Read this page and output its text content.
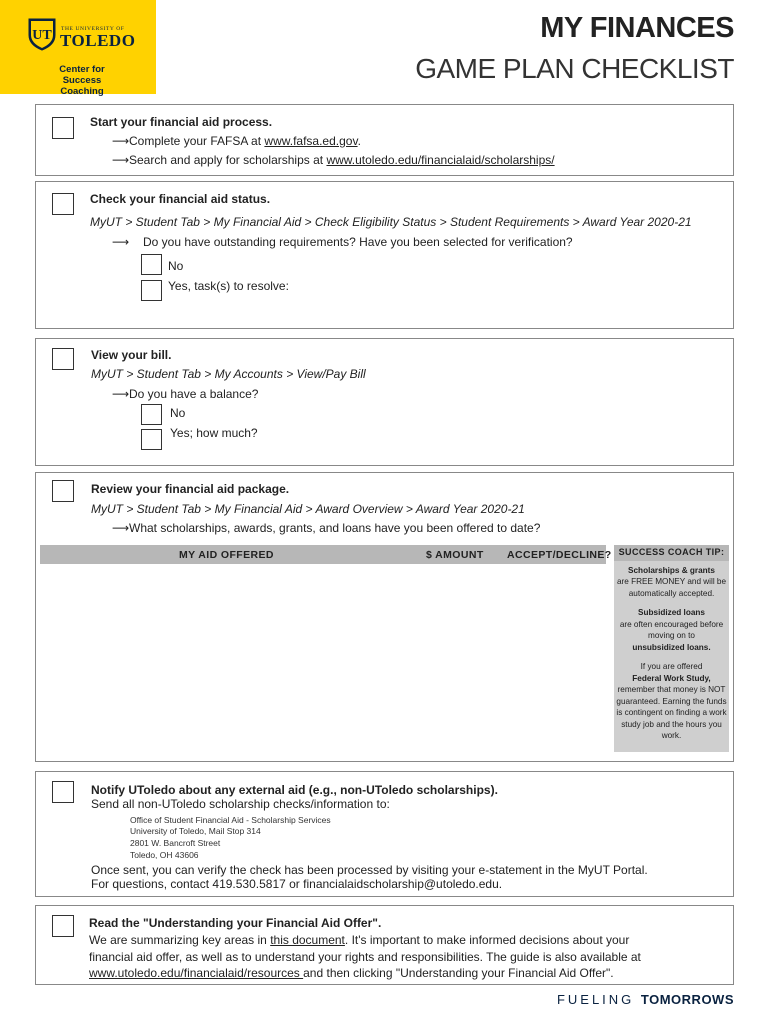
UT THE UNIVERSITY OF
TOLEDO
Center for Success Coaching
MY FINANCES
GAME PLAN CHECKLIST
Start your financial aid process.
⟶ Complete your FAFSA at www.fafsa.ed.gov.
⟶ Search and apply for scholarships at www.utoledo.edu/financialaid/scholarships/
Check your financial aid status.
MyUT > Student Tab > My Financial Aid > Check Eligibility Status > Student Requirements > Award Year 2020-21
⟶ Do you have outstanding requirements? Have you been selected for verification?
No
Yes, task(s) to resolve:
View your bill.
MyUT > Student Tab > My Accounts > View/Pay Bill
⟶ Do you have a balance?
No
Yes; how much?
Review your financial aid package.
MyUT > Student Tab > My Financial Aid > Award Overview > Award Year 2020-21
⟶ What scholarships, awards, grants, and loans have you been offered to date?
MY AID OFFERED	$ AMOUNT ACCEPT/DECLINE? SUCCESS COACH TIP:

Scholarships & grants
are FREE MONEY and will be automatically accepted.

Subsidized loans
are often encouraged before moving on to
unsubsidized loans.

If you are offered
Federal Work Study,
remember that money is NOT guaranteed. Earning the funds is contingent on finding a work study job and the hours you work.

Notify UToledo about any external aid (e.g., non-UToledo scholarships).
Send all non-UToledo scholarship checks/information to:
Office of Student Financial Aid - Scholarship Services
University of Toledo, Mail Stop 314
2801 W. Bancroft Street
Toledo, OH 43606
Once sent, you can verify the check has been processed by visiting your e-statement in the MyUT Portal.
For questions, contact 419.530.5817 or financialaidscholarship@utoledo.edu.
Read the "Understanding your Financial Aid Offer".
We are summarizing key areas in this document. It's important to make informed decisions about your
financial aid offer, as well as to understand your rights and responsibilities. The guide is also available at
www.utoledo.edu/financialaid/resources and then clicking "Understanding your Financial Aid Offer".
FUELING TOMORROWS
